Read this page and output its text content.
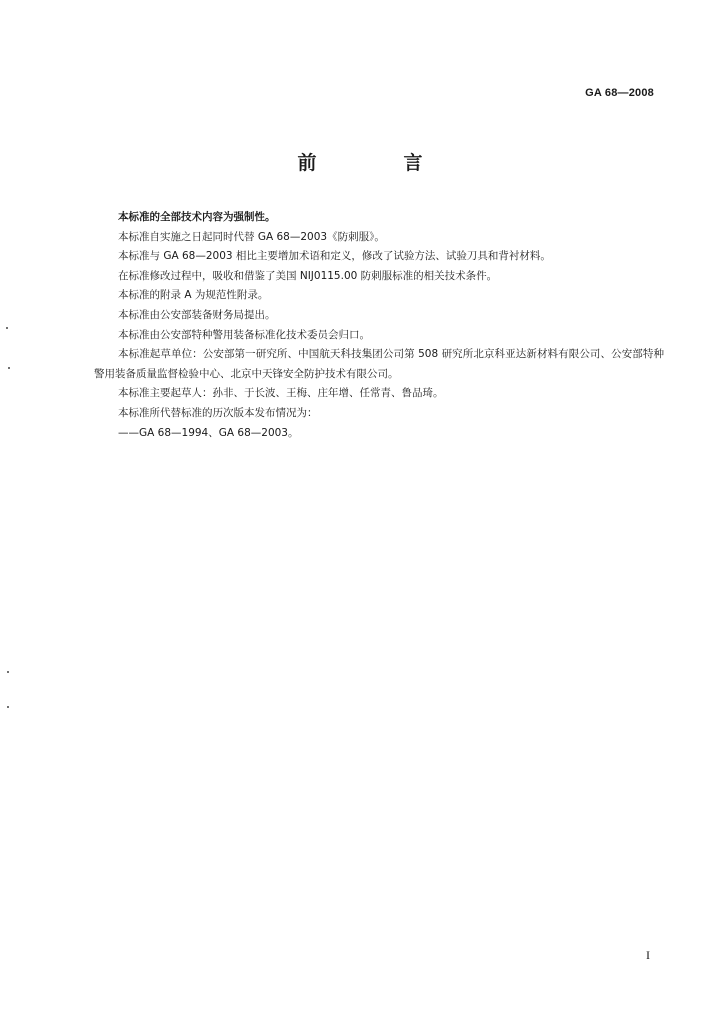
GA 68—2008
前　言

本标准的全部技术内容为强制性。

本标准自实施之日起同时代替 GA 68—2003《防刺服》。

本标准与 GA 68—2003 相比主要增加术语和定义，修改了试验方法、试验刀具和背衬材料。

在标准修改过程中，吸收和借鉴了美国 NIJ0115.00 防刺服标准的相关技术条件。

本标准的附录 A 为规范性附录。

本标准由公安部装备财务局提出。

本标准由公安部特种警用装备标准化技术委员会归口。

本标准起草单位：公安部第一研究所、中国航天科技集团公司第 508 研究所北京科亚达新材料有限公司、公安部特种警用装备质量监督检验中心、北京中天锋安全防护技术有限公司。

本标准主要起草人：孙非、于长波、王梅、庄年增、任常青、鲁品琦。

本标准所代替标准的历次版本发布情况为：

——GA 68—1994、GA 68—2003。

I
